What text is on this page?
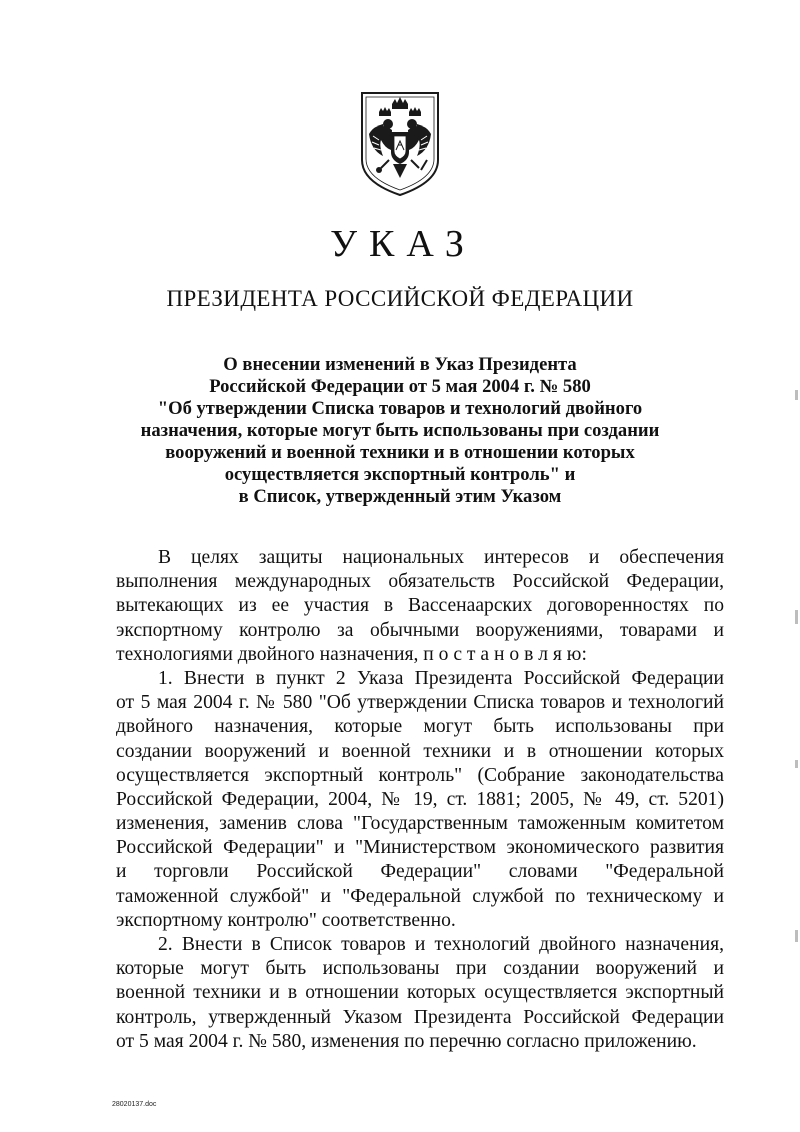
УКАЗ
ПРЕЗИДЕНТА РОССИЙСКОЙ ФЕДЕРАЦИИ
О внесении изменений в Указ Президента
Российской Федерации от 5 мая 2004 г. № 580
"Об утверждении Списка товаров и технологий двойного
назначения, которые могут быть использованы при создании
вооружений и военной техники и в отношении которых
осуществляется экспортный контроль" и
в Список, утвержденный этим Указом
В целях защиты национальных интересов и обеспечения
выполнения международных обязательств Российской Федерации,
вытекающих из ее участия в Вассенаарских договоренностях по
экспортному контролю за обычными вооружениями, товарами и
технологиями двойного назначения, п о с т а н о в л я ю:
1. Внести в пункт 2 Указа Президента Российской Федерации
от 5 мая 2004 г. № 580 "Об утверждении Списка товаров и технологий
двойного назначения, которые могут быть использованы при
создании вооружений и военной техники и в отношении которых
осуществляется экспортный контроль" (Собрание законодательства
Российской Федерации, 2004, № 19, ст. 1881; 2005, № 49, ст. 5201)
изменения, заменив слова "Государственным таможенным комитетом
Российской Федерации" и "Министерством экономического развития
и торговли Российской Федерации" словами "Федеральной
таможенной службой" и "Федеральной службой по техническому и
экспортному контролю" соответственно.
2. Внести в Список товаров и технологий двойного назначения,
которые могут быть использованы при создании вооружений и
военной техники и в отношении которых осуществляется экспортный
контроль, утвержденный Указом Президента Российской Федерации
от 5 мая 2004 г. № 580, изменения по перечню согласно приложению.
28020137.doc
